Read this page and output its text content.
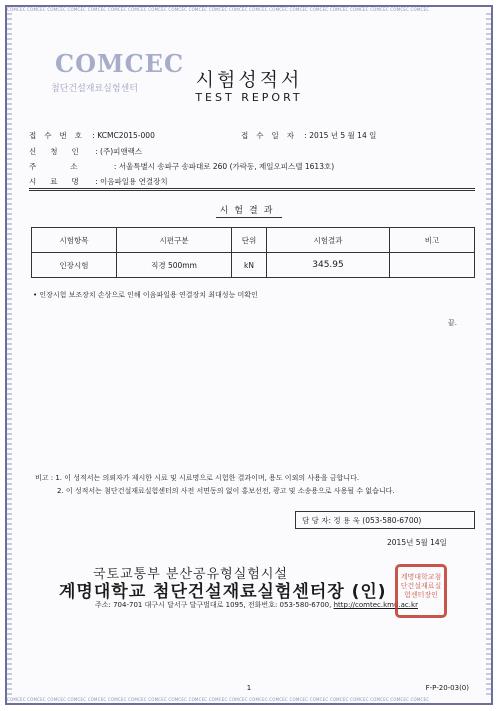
COMCEC COMCEC COMCEC COMCEC COMCEC COMCEC COMCEC COMCEC COMCEC COMCEC COMCEC COMCEC COMCEC COMCEC COMCEC COMCEC COMCEC COMCEC COMCEC COMCEC COMCEC
COMCEC COMCEC COMCEC COMCEC COMCEC COMCEC COMCEC COMCEC COMCEC COMCEC COMCEC COMCEC COMCEC COMCEC COMCEC COMCEC COMCEC COMCEC COMCEC COMCEC COMCEC
COMCEC
첨단건설재료실험센터	시험성적서
TEST REPORT
접수번호 : KCMC2015-000	접수일자 : 2015 년 5 월 14 일
신청인 : (주)피앤렉스
주소 : 서울특별시 송파구 송파대로 260 (가락동, 제일오피스텔 1613호)
시료명 : 이음파일용 연결장치
시험결과
시험항목	시편구분	단위	시험결과	비고
인장시험	직경 500mm	kN	345.95	
• 인장시험 보조장치 손상으로 인해 이음파일용 연결장치 최대성능 미확인
끝.
비고 : 1. 이 성적서는 의뢰자가 제시한 시료 및 시료명으로 시험한 결과이며, 용도 이외의 사용을 금합니다.
2. 이 성적서는 첨단건설재료실험센터의 사전 서면동의 없이 홍보선전, 광고 및 소송용으로 사용될 수 없습니다.
담 당 자: 정 용 욱 (053-580-6700)
2015년 5월 14일
국토교통부 분산공유형실험시설
계명대학교 첨단건설재료실험센터장 (인)
주소: 704-701 대구시 달서구 달구벌대로 1095, 전화번호: 053-580-6700, http://comtec.kmu.ac.kr
계명대학교첨단건설재료실험센터장인
1	F-P-20-03(0)
